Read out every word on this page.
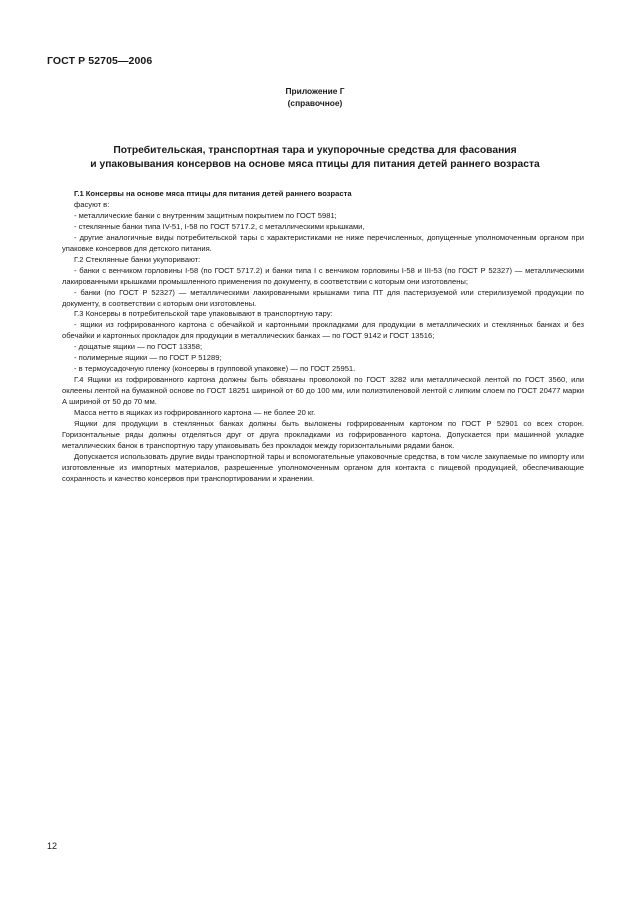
ГОСТ Р 52705—2006
Приложение Г
(справочное)
Потребительская, транспортная тара и укупорочные средства для фасования
и упаковывания консервов на основе мяса птицы для питания детей раннего возраста

Г.1 Консервы на основе мяса птицы для питания детей раннего возраста

фасуют в:

- металлические банки с внутренним защитным покрытием по ГОСТ 5981;

- стеклянные банки типа IV-51, I-58 по ГОСТ 5717.2, с металлическими крышками,

- другие аналогичные виды потребительской тары с характеристиками не ниже перечисленных, допущенные уполномоченным органом при упаковке консервов для детского питания.

Г.2 Стеклянные банки укупоривают:

- банки с венчиком горловины I-58 (по ГОСТ 5717.2) и банки типа I с венчиком горловины I-58 и III-53 (по ГОСТ Р 52327) — металлическими лакированными крышками промышленного применения по документу, в соответствии с которым они изготовлены;

- банки (по ГОСТ Р 52327) — металлическими лакированными крышками типа ПТ для пастеризуемой или стерилизуемой продукции по документу, в соответствии с которым они изготовлены.

Г.3 Консервы в потребительской таре упаковывают в транспортную тару:

- ящики из гофрированного картона с обечайкой и картонными прокладками для продукции в металлических и стеклянных банках и без обечайки и картонных прокладок для продукции в металлических банках — по ГОСТ 9142 и ГОСТ 13516;

- дощатые ящики — по ГОСТ 13358;

- полимерные ящики — по ГОСТ Р 51289;

- в термоусадочную пленку (консервы в групповой упаковке) — по ГОСТ 25951.

Г.4 Ящики из гофрированного картона должны быть обвязаны проволокой по ГОСТ 3282 или металлической лентой по ГОСТ 3560, или оклеены лентой на бумажной основе по ГОСТ 18251 шириной от 60 до 100 мм, или полиэтиленовой лентой с липким слоем по ГОСТ 20477 марки А шириной от 50 до 70 мм.

Масса нетто в ящиках из гофрированного картона — не более 20 кг.

Ящики для продукции в стеклянных банках должны быть выложены гофрированным картоном по ГОСТ Р 52901 со всех сторон. Горизонтальные ряды должны отделяться друг от друга прокладками из гофрированного картона. Допускается при машинной укладке металлических банок в транспортную тару упаковывать без прокладок между горизонтальными рядами банок.

Допускается использовать другие виды транспортной тары и вспомогательные упаковочные средства, в том числе закупаемые по импорту или изготовленные из импортных материалов, разрешенные уполномоченным органом для контакта с пищевой продукцией, обеспечивающие сохранность и качество консервов при транспортировании и хранении.

12
